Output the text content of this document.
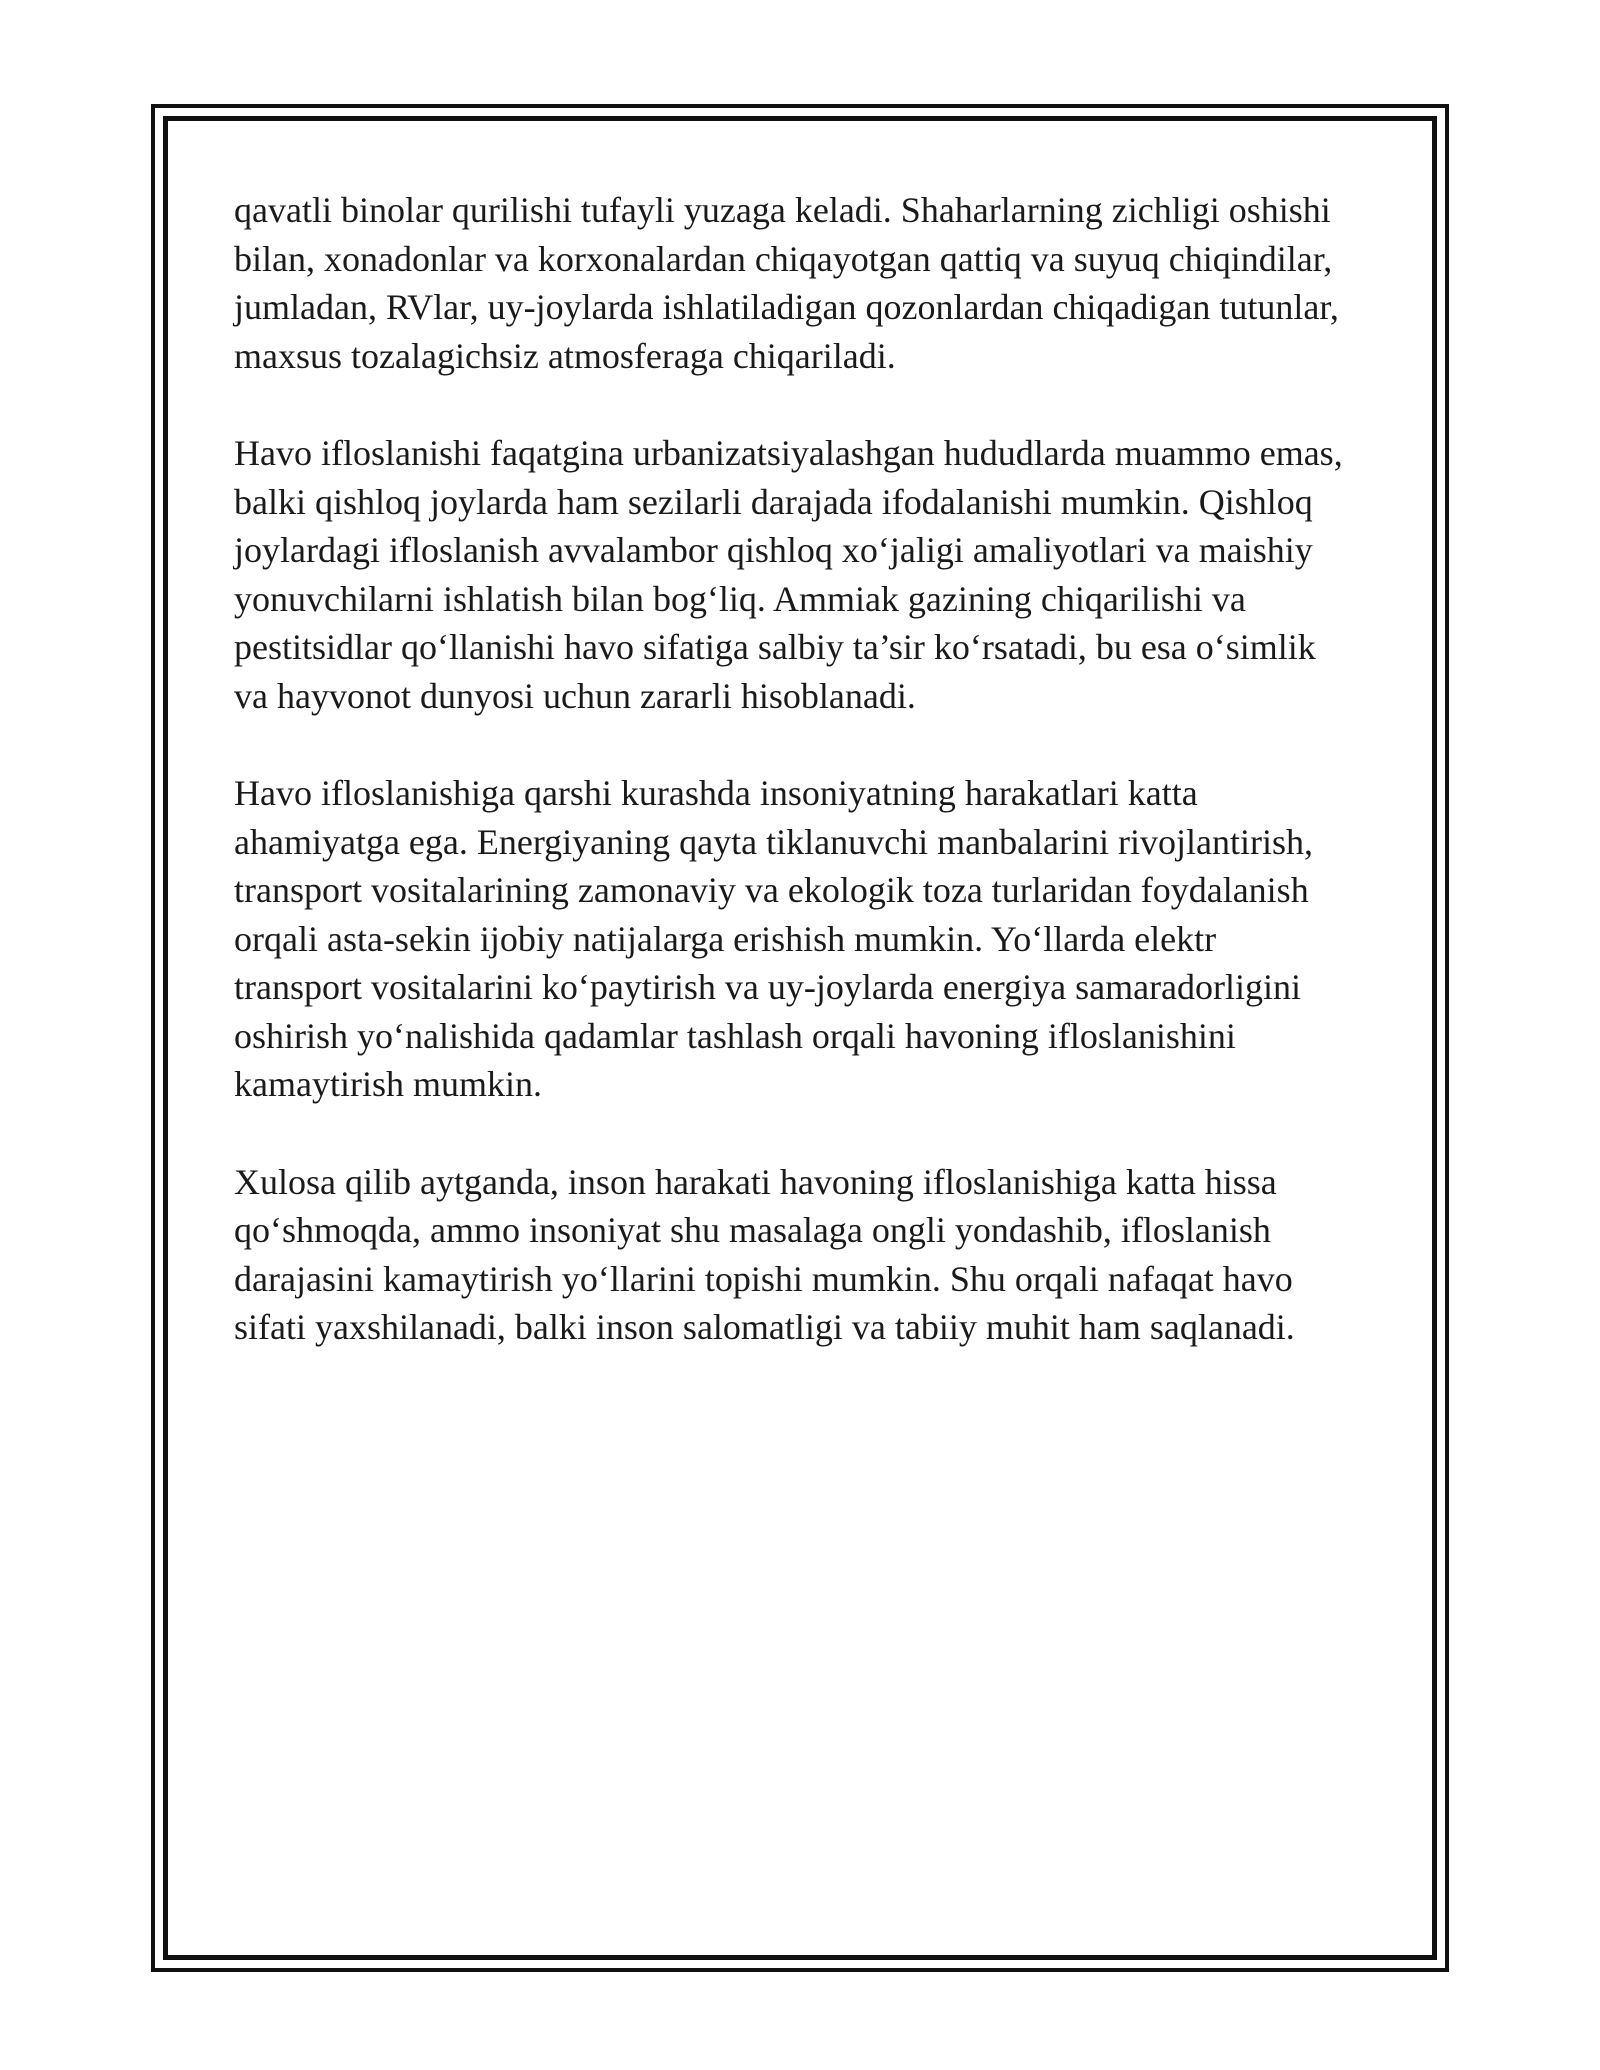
qavatli binolar qurilishi tufayli yuzaga keladi. Shaharlarning zichligi oshishi
bilan, xonadonlar va korxonalardan chiqayotgan qattiq va suyuq chiqindilar,
jumladan, RVlar, uy-joylarda ishlatiladigan qozonlardan chiqadigan tutunlar,
maxsus tozalagichsiz atmosferaga chiqariladi.

Havo ifloslanishi faqatgina urbanizatsiyalashgan hududlarda muammo emas,
balki qishloq joylarda ham sezilarli darajada ifodalanishi mumkin. Qishloq
joylardagi ifloslanish avvalambor qishloq xo‘jaligi amaliyotlari va maishiy
yonuvchilarni ishlatish bilan bog‘liq. Ammiak gazining chiqarilishi va
pestitsidlar qo‘llanishi havo sifatiga salbiy ta’sir ko‘rsatadi, bu esa o‘simlik
va hayvonot dunyosi uchun zararli hisoblanadi.

Havo ifloslanishiga qarshi kurashda insoniyatning harakatlari katta
ahamiyatga ega. Energiyaning qayta tiklanuvchi manbalarini rivojlantirish,
transport vositalarining zamonaviy va ekologik toza turlaridan foydalanish
orqali asta-sekin ijobiy natijalarga erishish mumkin. Yo‘llarda elektr
transport vositalarini ko‘paytirish va uy-joylarda energiya samaradorligini
oshirish yo‘nalishida qadamlar tashlash orqali havoning ifloslanishini
kamaytirish mumkin.

Xulosa qilib aytganda, inson harakati havoning ifloslanishiga katta hissa
qo‘shmoqda, ammo insoniyat shu masalaga ongli yondashib, ifloslanish
darajasini kamaytirish yo‘llarini topishi mumkin. Shu orqali nafaqat havo
sifati yaxshilanadi, balki inson salomatligi va tabiiy muhit ham saqlanadi.
